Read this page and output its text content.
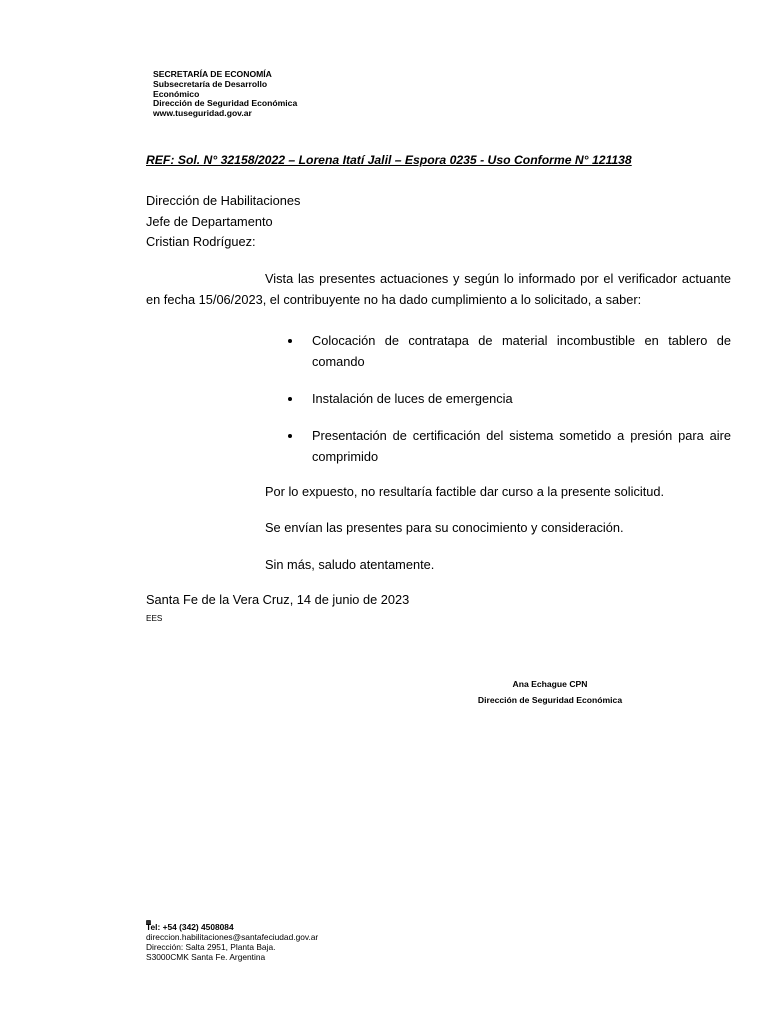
SECRETARÍA DE ECONOMÍA
Subsecretaría de Desarrollo
Económico
Dirección de Seguridad Económica
www.tuseguridad.gov.ar
REF: Sol. N° 32158/2022 – Lorena Itatí Jalil – Espora 0235 - Uso Conforme N° 121138
Dirección de Habilitaciones
Jefe de Departamento
Cristian Rodríguez:
Vista las presentes actuaciones y según lo informado por el verificador actuante en fecha 15/06/2023, el contribuyente no ha dado cumplimiento a lo solicitado, a saber:
Colocación de contratapa de material incombustible en tablero de comando
Instalación de luces de emergencia
Presentación de certificación del sistema sometido a presión para aire comprimido
Por lo expuesto, no resultaría factible dar curso a la presente solicitud.
Se envían las presentes para su conocimiento y consideración.
Sin más, saludo atentamente.
Santa Fe de la Vera Cruz, 14 de junio de 2023
EES
Ana Echague CPN
Dirección de Seguridad Económica
Tel: +54 (342) 4508084
direccion.habilitaciones@santafeciudad.gov.ar
Dirección: Salta 2951, Planta Baja.
S3000CMK Santa Fe. Argentina
